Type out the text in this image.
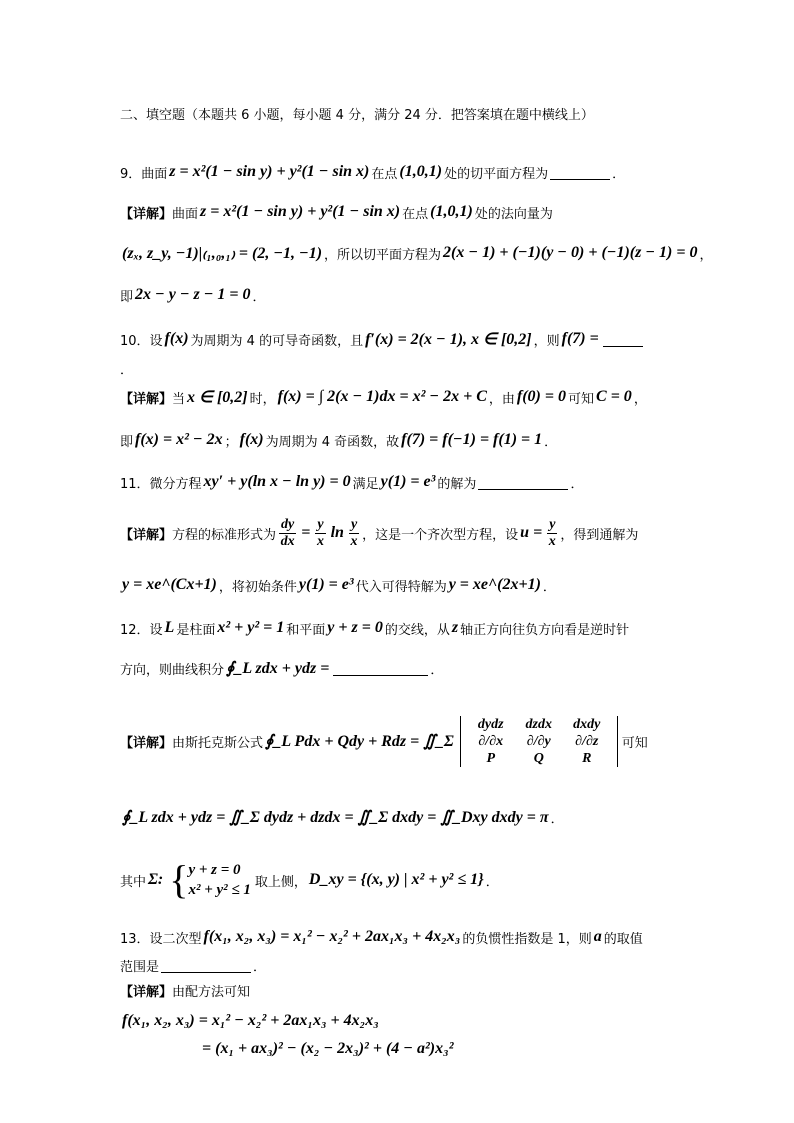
二、填空题（本题共 6 小题，每小题 4 分，满分 24 分．把答案填在题中横线上）
9．曲面 z = x²(1 − sin y) + y²(1 − sin x) 在点 (1,0,1) 处的切平面方程为	．
【详解】 曲面 z = x²(1 − sin y) + y²(1 − sin x) 在点 (1,0,1) 处的法向量为
(zₓ, z_y, −1)|₍₁,₀,₁₎ = (2, −1, −1) ，所以切平面方程为 2(x − 1) + (−1)(y − 0) + (−1)(z − 1) = 0 ，
即 2x − y − z − 1 = 0 ．
10．设 f(x) 为周期为 4 的可导奇函数，且 f′(x) = 2(x − 1), x ∈ [0,2] ，则 f(7) =
．
【详解】 当 x ∈ [0,2] 时， f(x) = ∫ 2(x − 1)dx = x² − 2x + C ，由 f(0) = 0 可知 C = 0 ，
即 f(x) = x² − 2x ； f(x) 为周期为 4 奇函数，故 f(7) = f(−1) = f(1) = 1 ．
11．微分方程 xy′ + y(ln x − ln y) = 0 满足 y(1) = e³ 的解为	．
【详解】 方程的标准形式为 $\frac{dy}{dx} = \frac{y}{x}$ $\ln \frac{y}{x}$ ，这是一个齐次型方程，设 $u = \frac{y}{x}$ ，得到通解为
y = xe^(Cx+1) ，将初始条件 y(1) = e³ 代入可得特解为 y = xe^(2x+1) ．
12．设 L 是柱面 x² + y² = 1 和平面 y + z = 0 的交线，从 z 轴正方向往负方向看是逆时针
方向，则曲线积分 ∮_L zdx + ydz =	．
【详解】 由斯托克斯公式 ∮_L Pdx + Qdy + Rdz = ∬_Σ
dydz	dzdx	dxdy
∂/∂x	∂/∂y	∂/∂z
P	Q	R
可知
∮_L zdx + ydz = ∬_Σ dydz + dzdx = ∬_Σ dxdy = ∬_Dxy dxdy = π ．
其中 Σ: { y + z = 0
x² + y² ≤ 1 取上侧， D_xy = {(x, y) | x² + y² ≤ 1} ．
13．设二次型 f(x₁, x₂, x₃) = x₁² − x₂² + 2ax₁x₃ + 4x₂x₃ 的负惯性指数是 1，则 a 的取值
范围是	．
【详解】 由配方法可知
f(x₁, x₂, x₃) = x₁² − x₂² + 2ax₁x₃ + 4x₂x₃
= (x₁ + ax₃)² − (x₂ − 2x₃)² + (4 − a²)x₃²
